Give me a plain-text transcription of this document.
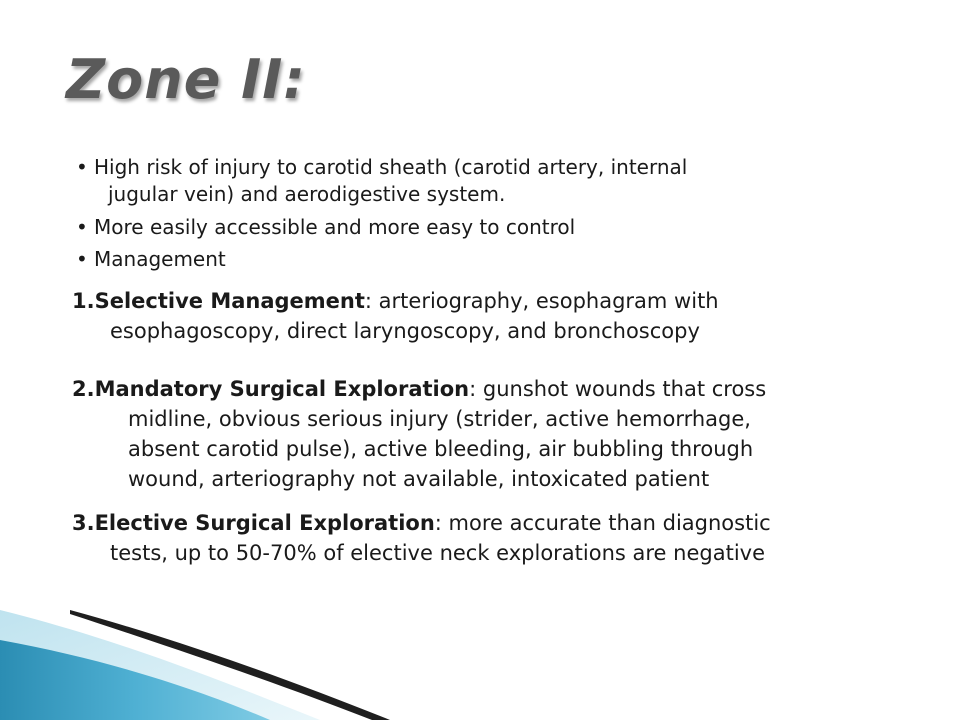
Zone II:
• High risk of injury to carotid sheath (carotid artery, internal
jugular vein) and aerodigestive system.
• More easily accessible and more easy to control
• Management
1.Selective Management: arteriography, esophagram with
esophagoscopy, direct laryngoscopy, and bronchoscopy
2.Mandatory Surgical Exploration: gunshot wounds that cross
midline, obvious serious injury (strider, active hemorrhage,
absent carotid pulse), active bleeding, air bubbling through
wound, arteriography not available, intoxicated patient
3.Elective Surgical Exploration: more accurate than diagnostic
tests, up to 50-70% of elective neck explorations are negative
